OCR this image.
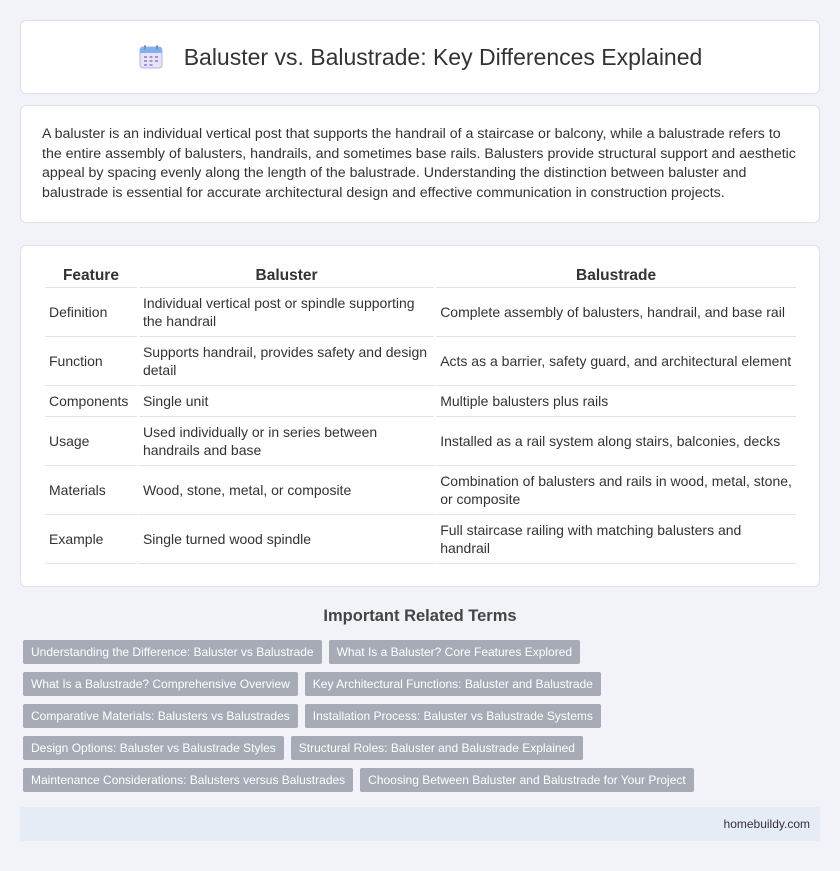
Baluster vs. Balustrade: Key Differences Explained

A baluster is an individual vertical post that supports the handrail of a staircase or balcony, while a balustrade refers to the entire assembly of balusters, handrails, and sometimes base rails. Balusters provide structural support and aesthetic appeal by spacing evenly along the length of the balustrade. Understanding the distinction between baluster and balustrade is essential for accurate architectural design and effective communication in construction projects.

Feature	Baluster	Balustrade
Definition	Individual vertical post or spindle supporting the handrail	Complete assembly of balusters, handrail, and base rail
Function	Supports handrail, provides safety and design detail	Acts as a barrier, safety guard, and architectural element
Components	Single unit	Multiple balusters plus rails
Usage	Used individually or in series between handrails and base	Installed as a rail system along stairs, balconies, decks
Materials	Wood, stone, metal, or composite	Combination of balusters and rails in wood, metal, stone, or composite
Example	Single turned wood spindle	Full staircase railing with matching balusters and handrail
Important Related Terms
Understanding the Difference: Baluster vs Balustrade	What Is a Baluster? Core Features Explored
What Is a Balustrade? Comprehensive Overview	Key Architectural Functions: Baluster and Balustrade
Comparative Materials: Balusters vs Balustrades	Installation Process: Baluster vs Balustrade Systems
Design Options: Baluster vs Balustrade Styles	Structural Roles: Baluster and Balustrade Explained
Maintenance Considerations: Balusters versus Balustrades	Choosing Between Baluster and Balustrade for Your Project
homebuildy.com
